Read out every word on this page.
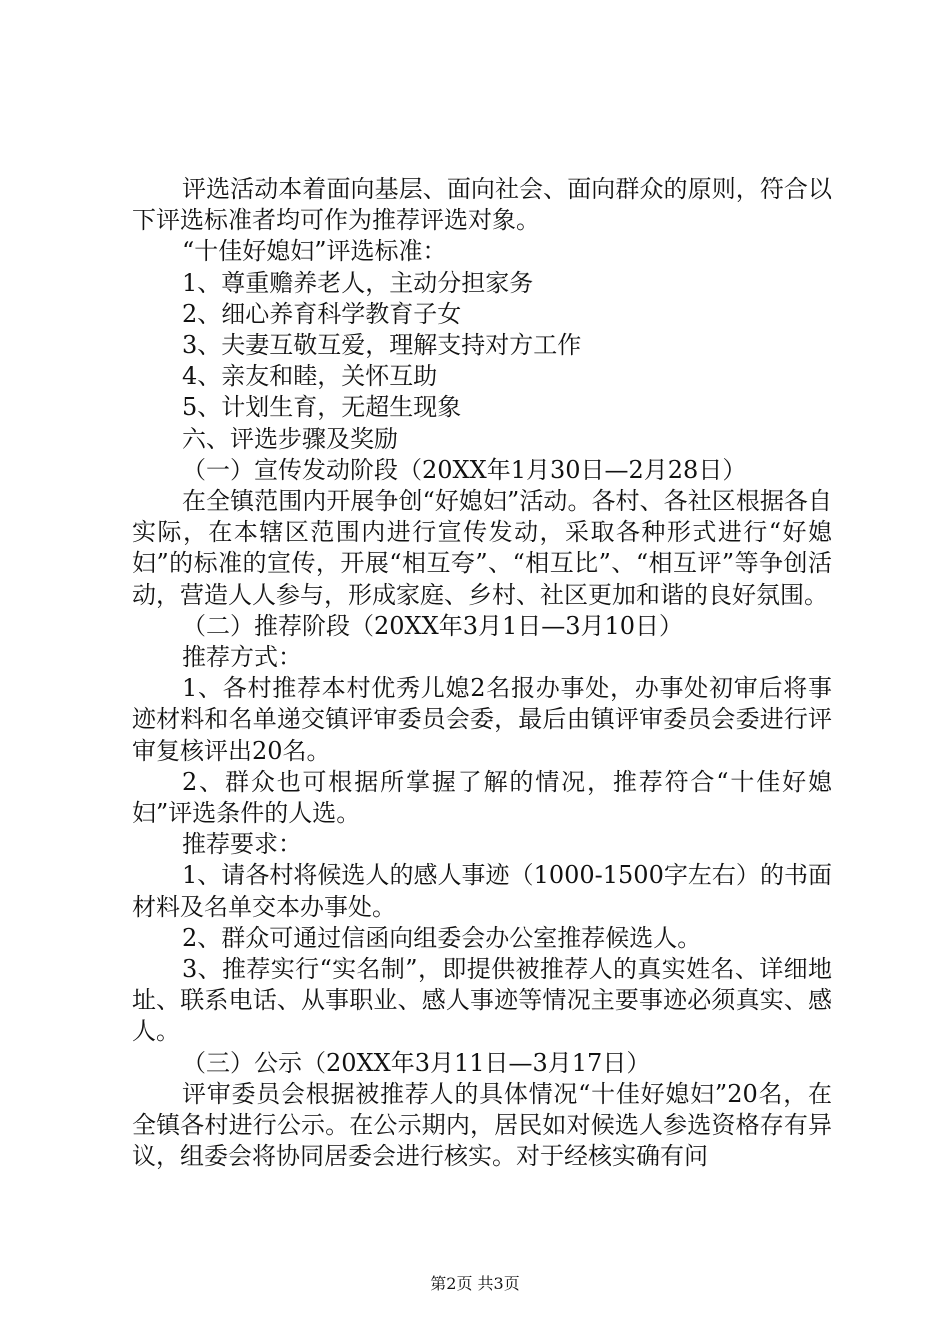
评选活动本着面向基层、面向社会、面向群众的原则，符合以下评选标准者均可作为推荐评选对象。

“十佳好媳妇”评选标准：

1、尊重赡养老人，主动分担家务

2、细心养育科学教育子女

3、夫妻互敬互爱，理解支持对方工作

4、亲友和睦，关怀互助

5、计划生育，无超生现象

六、评选步骤及奖励

（一）宣传发动阶段（20XX年1月30日—2月28日）

在全镇范围内开展争创“好媳妇”活动。各村、各社区根据各自实际，在本辖区范围内进行宣传发动，采取各种形式进行“好媳妇”的标准的宣传，开展“相互夸”、“相互比”、“相互评”等争创活动，营造人人参与，形成家庭、乡村、社区更加和谐的良好氛围。

（二）推荐阶段（20XX年3月1日—3月10日）

推荐方式：

1、各村推荐本村优秀儿媳2名报办事处，办事处初审后将事迹材料和名单递交镇评审委员会委，最后由镇评审委员会委进行评审复核评出20名。

2、群众也可根据所掌握了解的情况，推荐符合“十佳好媳妇”评选条件的人选。

推荐要求：

1、请各村将候选人的感人事迹（1000-1500字左右）的书面材料及名单交本办事处。

2、群众可通过信函向组委会办公室推荐候选人。

3、推荐实行“实名制”，即提供被推荐人的真实姓名、详细地址、联系电话、从事职业、感人事迹等情况主要事迹必须真实、感人。

（三）公示（20XX年3月11日—3月17日）

评审委员会根据被推荐人的具体情况“十佳好媳妇”20名，在全镇各村进行公示。在公示期内，居民如对候选人参选资格存有异议，组委会将协同居委会进行核实。对于经核实确有问

第2页 共3页
